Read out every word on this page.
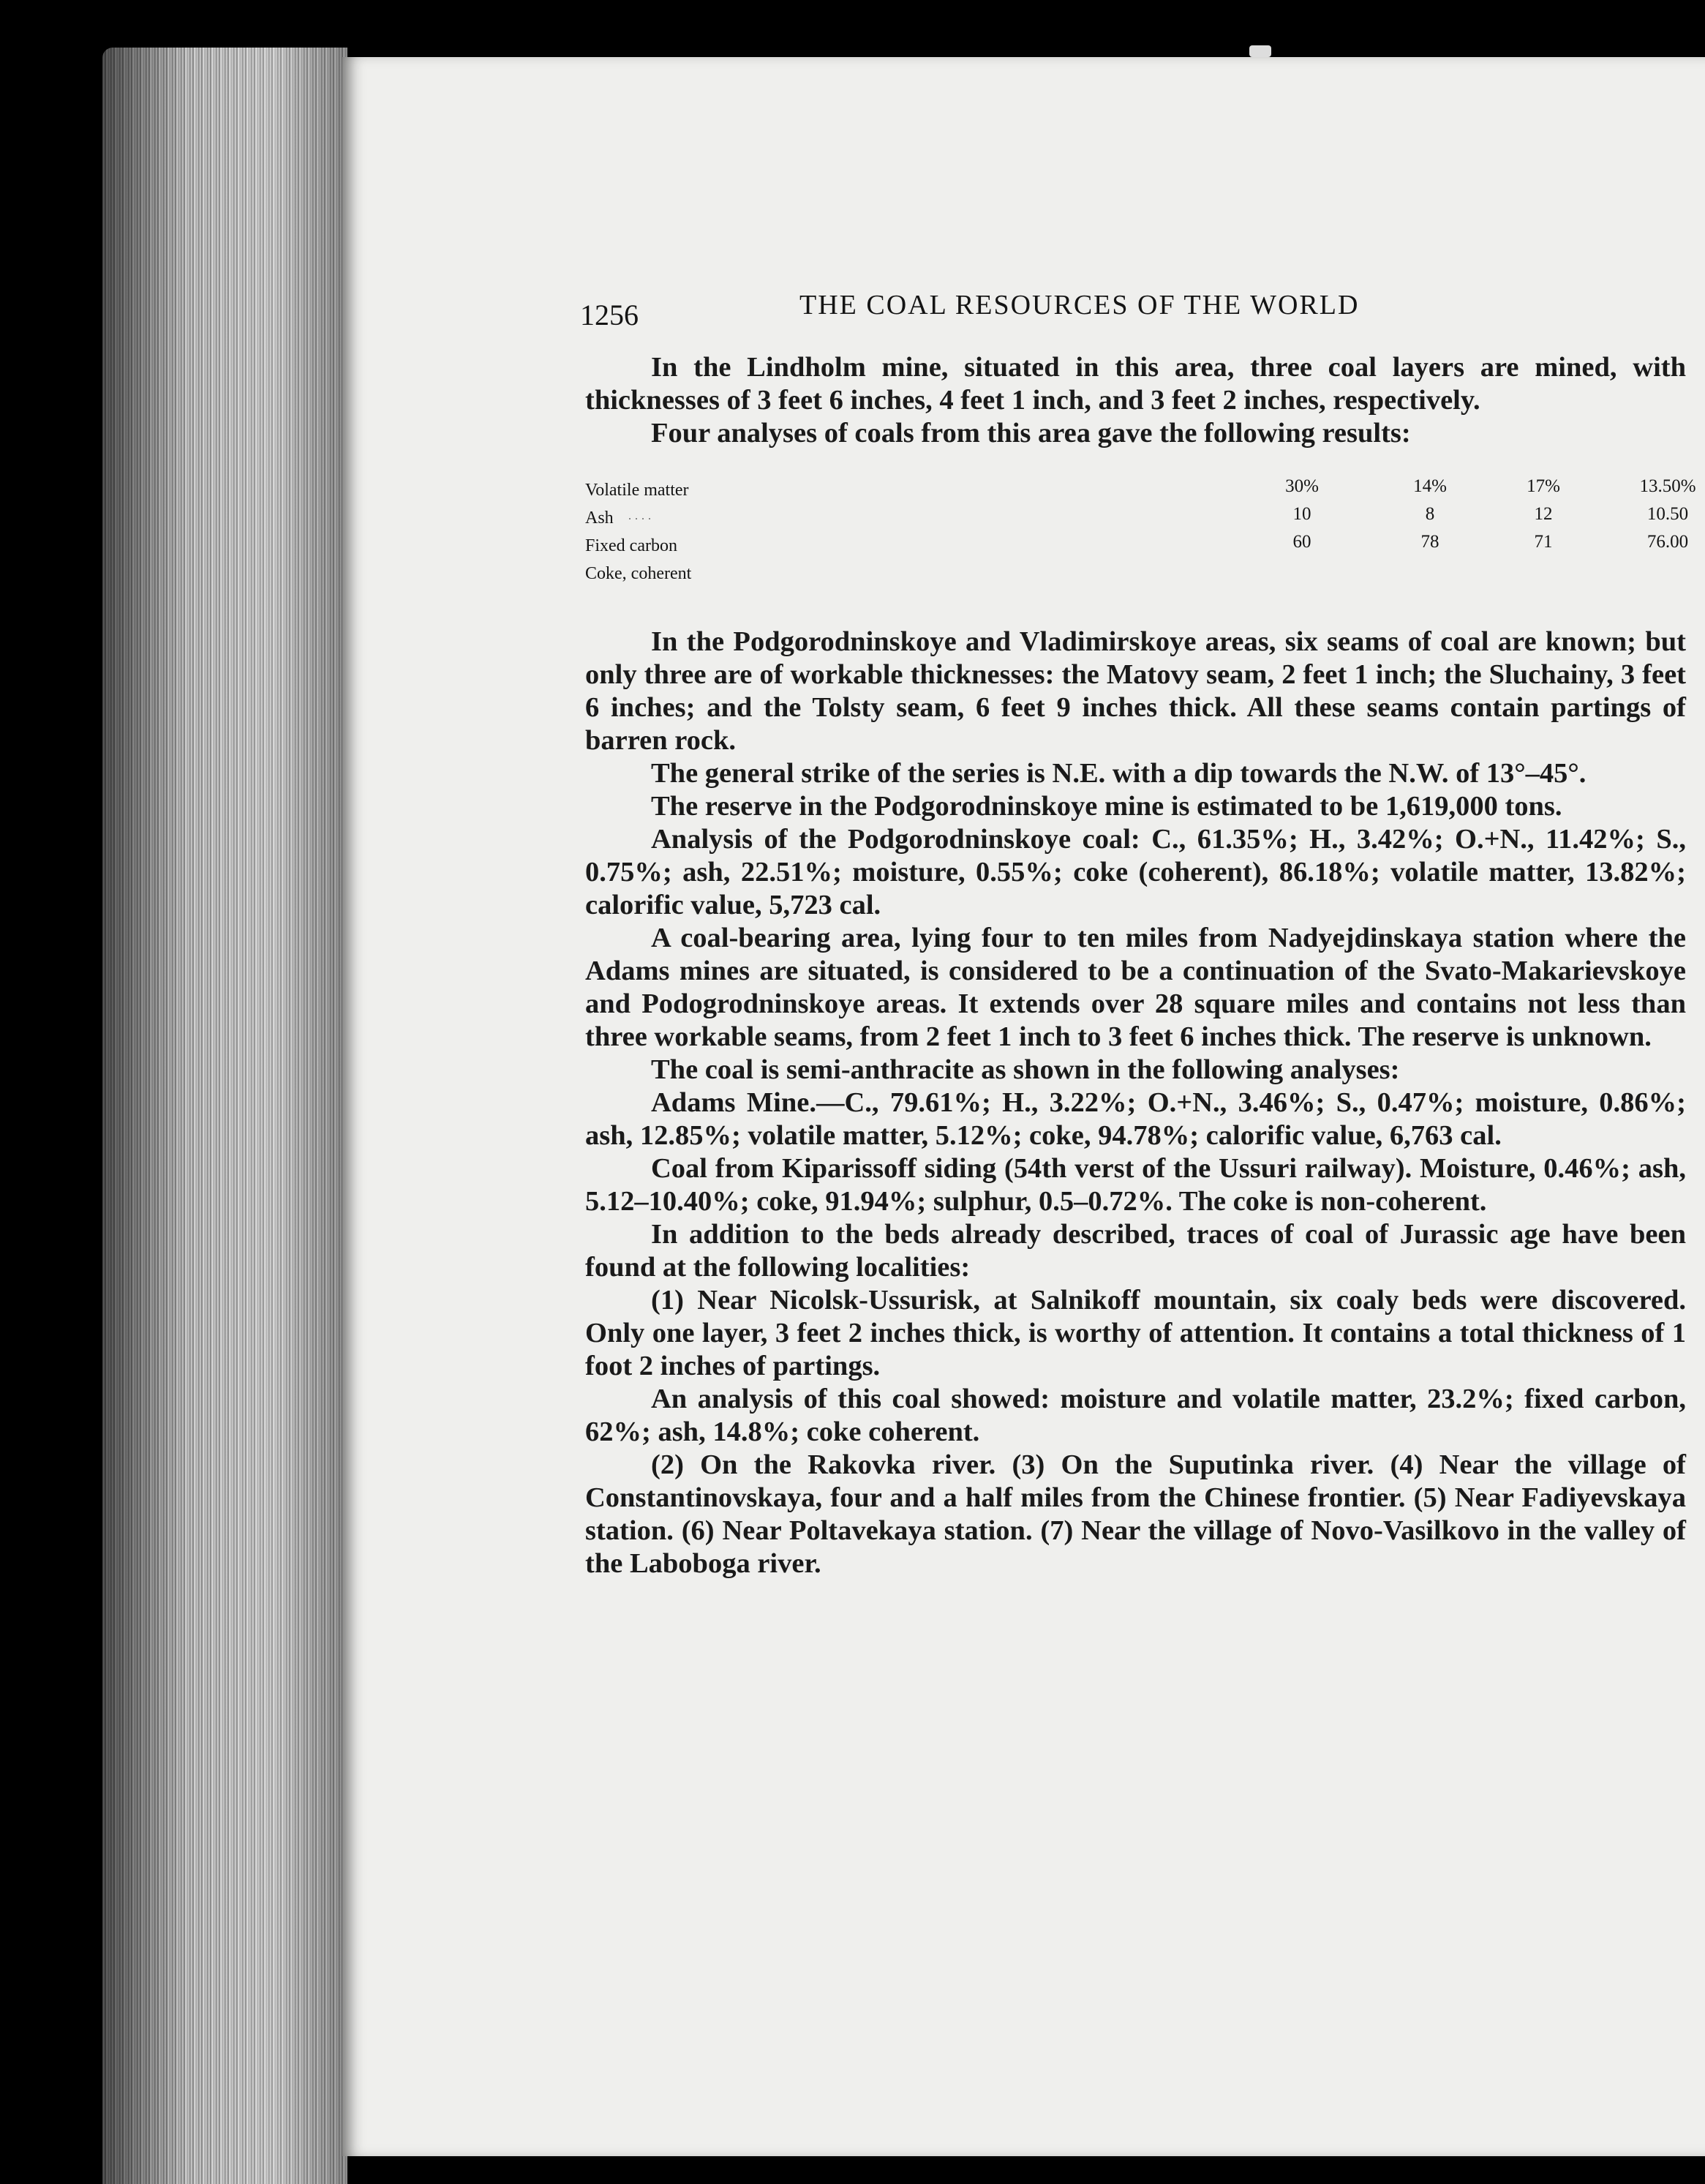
1256	THE COAL RESOURCES OF THE WORLD

In the Lindholm mine, situated in this area, three coal layers are mined, with thicknesses of 3 feet 6 inches, 4 feet 1 inch, and 3 feet 2 inches, respectively.

Four analyses of coals from this area gave the following results:

Volatile matter	30%	14%	17%	13.50%
Ash	10	8	12	10.50
Fixed carbon	60	78	71	76.00
Coke, coherent

In the Podgorodninskoye and Vladimirskoye areas, six seams of coal are known; but only three are of workable thicknesses: the Matovy seam, 2 feet 1 inch; the Sluchainy, 3 feet 6 inches; and the Tolsty seam, 6 feet 9 inches thick. All these seams contain partings of barren rock.

The general strike of the series is N.E. with a dip towards the N.W. of 13°–45°.

The reserve in the Podgorodninskoye mine is estimated to be 1,619,000 tons.

Analysis of the Podgorodninskoye coal: C., 61.35%; H., 3.42%; O.+N., 11.42%; S., 0.75%; ash, 22.51%; moisture, 0.55%; coke (coherent), 86.18%; volatile matter, 13.82%; calorific value, 5,723 cal.

A coal-bearing area, lying four to ten miles from Nadyejdinskaya station where the Adams mines are situated, is considered to be a continuation of the Svato-Makarievskoye and Podogrodninskoye areas. It extends over 28 square miles and contains not less than three workable seams, from 2 feet 1 inch to 3 feet 6 inches thick. The reserve is unknown.

The coal is semi-anthracite as shown in the following analyses:

Adams Mine.—C., 79.61%; H., 3.22%; O.+N., 3.46%; S., 0.47%; moisture, 0.86%; ash, 12.85%; volatile matter, 5.12%; coke, 94.78%; calorific value, 6,763 cal.

Coal from Kiparissoff siding (54th verst of the Ussuri railway). Moisture, 0.46%; ash, 5.12–10.40%; coke, 91.94%; sulphur, 0.5–0.72%. The coke is non-coherent.

In addition to the beds already described, traces of coal of Jurassic age have been found at the following localities:

(1) Near Nicolsk-Ussurisk, at Salnikoff mountain, six coaly beds were discovered. Only one layer, 3 feet 2 inches thick, is worthy of attention. It contains a total thickness of 1 foot 2 inches of partings.

An analysis of this coal showed: moisture and volatile matter, 23.2%; fixed carbon, 62%; ash, 14.8%; coke coherent.

(2) On the Rakovka river. (3) On the Suputinka river. (4) Near the village of Constantinovskaya, four and a half miles from the Chinese frontier. (5) Near Fadiyevskaya station. (6) Near Poltavekaya station. (7) Near the village of Novo-Vasilkovo in the valley of the Laboboga river.
